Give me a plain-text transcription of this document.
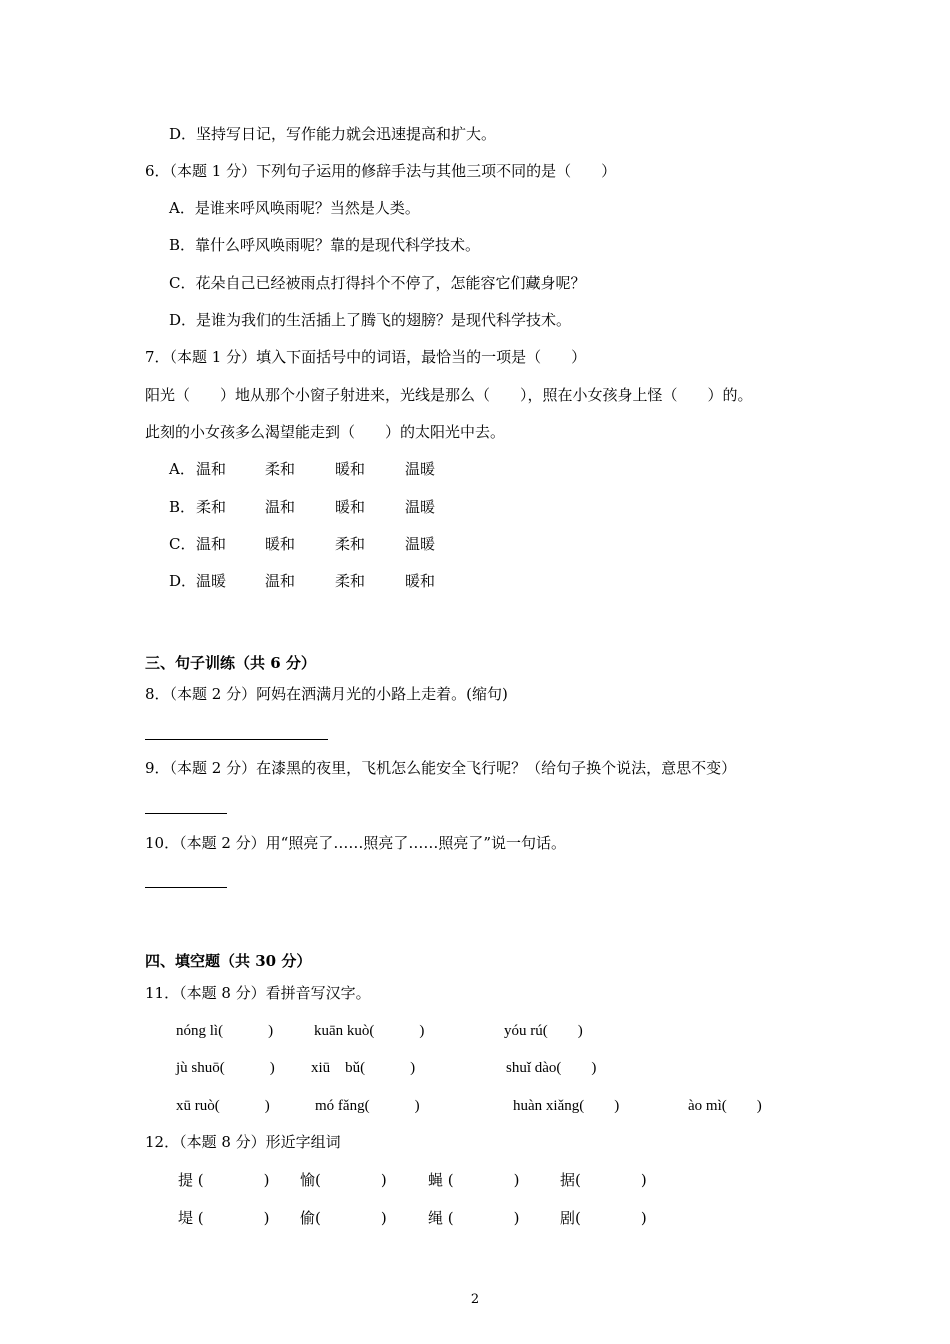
D．坚持写日记，写作能力就会迅速提高和扩大。
6．（本题 1 分）下列句子运用的修辞手法与其他三项不同的是（　　）
A．是谁来呼风唤雨呢？当然是人类。
B．靠什么呼风唤雨呢？靠的是现代科学技术。
C．花朵自己已经被雨点打得抖个不停了，怎能容它们藏身呢？
D．是谁为我们的生活插上了腾飞的翅膀？是现代科学技术。
7．（本题 1 分）填入下面括号中的词语，最恰当的一项是（　　）
阳光（　　）地从那个小窗子射进来，光线是那么（　　），照在小女孩身上怪（　　）的。
此刻的小女孩多么渴望能走到（　　）的太阳光中去。
A． 温和	柔和	暖和	温暖
B． 柔和	温和	暖和	温暖
C． 温和	暖和	柔和	温暖
D． 温暖	温和	柔和	暖和
三、句子训练（共 6 分）
8．（本题 2 分）阿妈在洒满月光的小路上走着。(缩句)
9．（本题 2 分）在漆黑的夜里，飞机怎么能安全飞行呢？（给句子换个说法，意思不变）
10．（本题 2 分）用“照亮了……照亮了……照亮了”说一句话。
四、填空题（共 30 分）
11．（本题 8 分）看拼音写汉字。
nóng lì(　　　)	kuān kuò(　　　)	yóu rú(　　)
jù shuō(　　　) xiū　bǔ(　　　)	shuǐ dào(　　)
xū ruò(　　　)	mó fǎng(　　　)	huàn xiǎng(　　)	ào mì(　　)
12．（本题 8 分）形近字组词
提 (　　　　) 愉(　　　　)	蝇 (　　　　)	据(　　　　)
堤 (　　　　) 偷(　　　　)	绳 (　　　　)	剧(　　　　)
2
